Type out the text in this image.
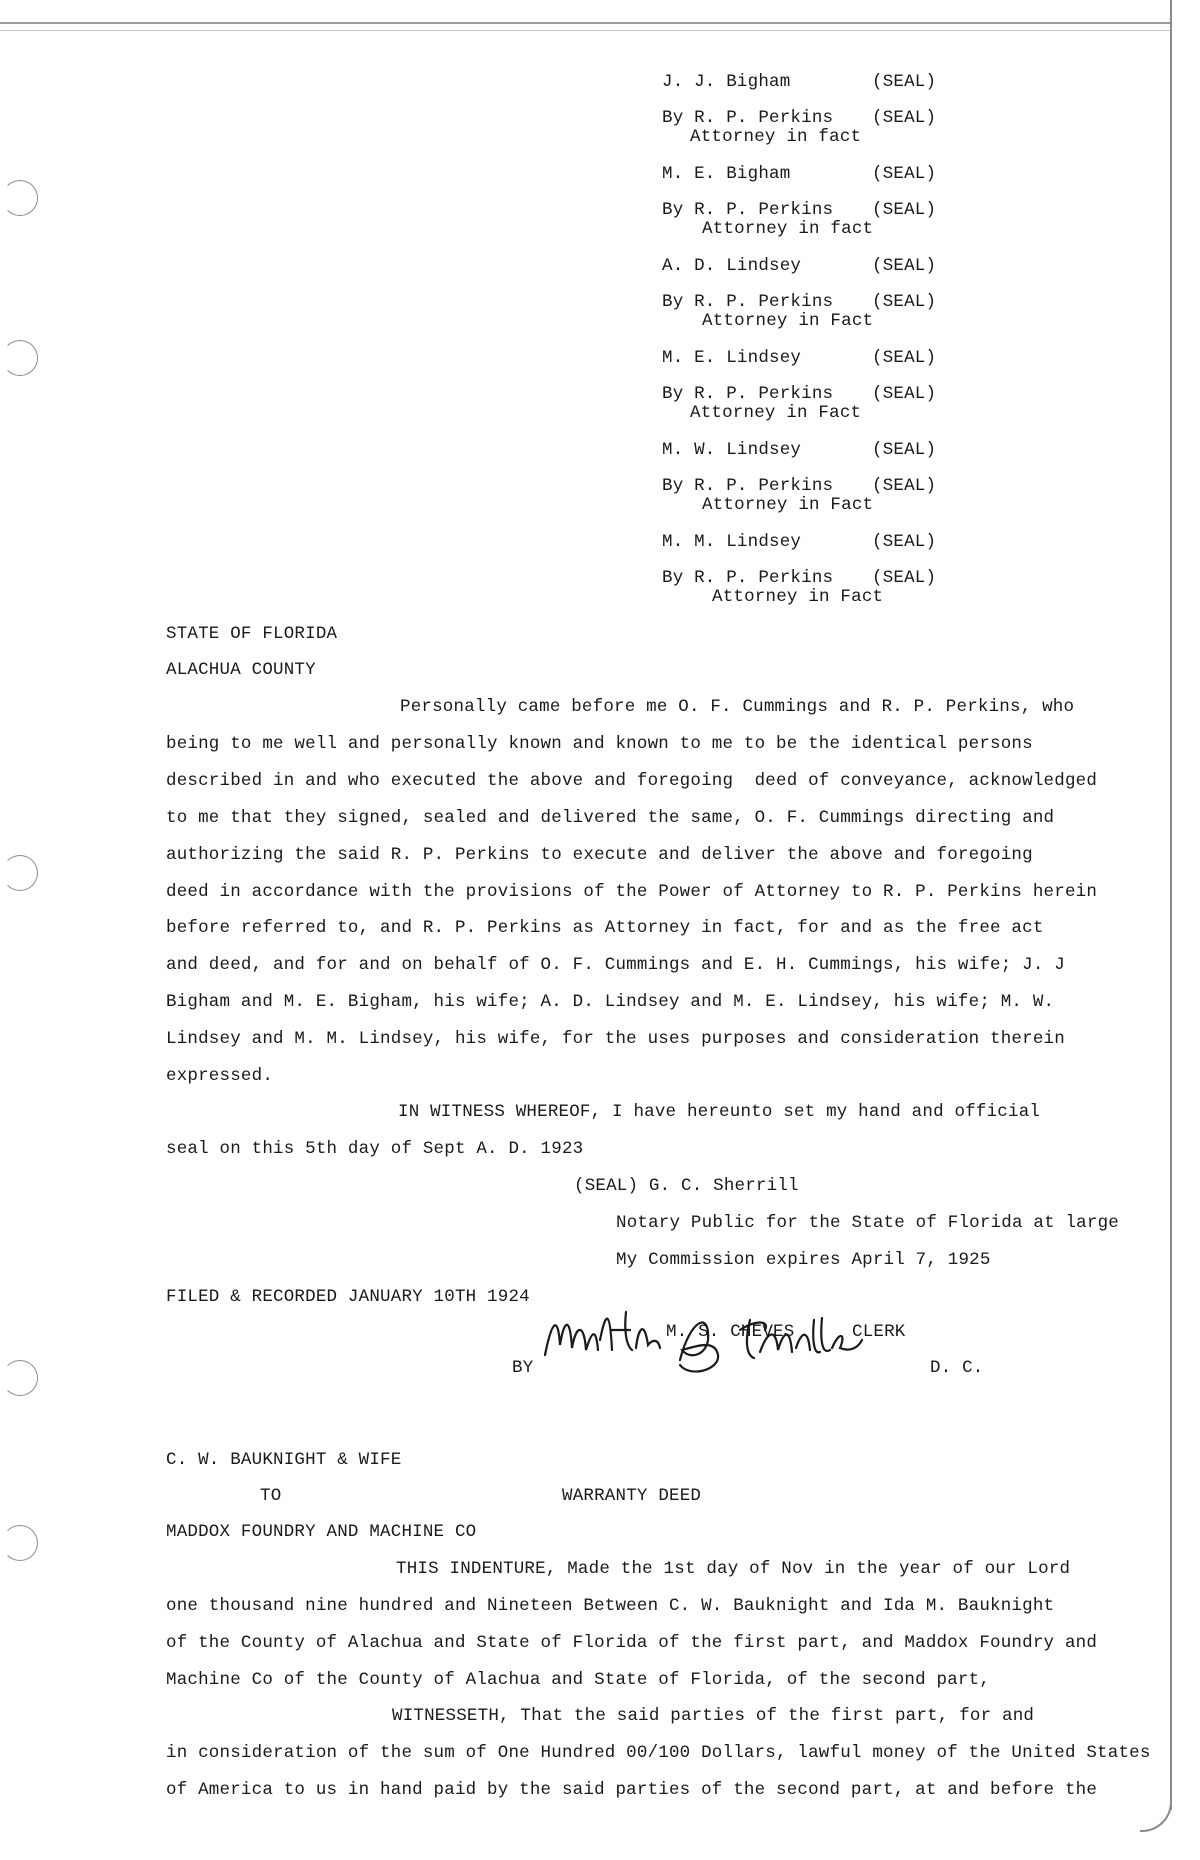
J. J. Bigham	(SEAL)
By R. P. Perkins (SEAL)
Attorney in fact
M. E. Bigham	(SEAL)
By R. P. Perkins (SEAL)
Attorney in fact
A. D. Lindsey	(SEAL)
By R. P. Perkins (SEAL)
Attorney in Fact
M. E. Lindsey	(SEAL)
By R. P. Perkins (SEAL)
Attorney in Fact
M. W. Lindsey	(SEAL)
By R. P. Perkins (SEAL)
Attorney in Fact
M. M. Lindsey	(SEAL)
By R. P. Perkins (SEAL)
Attorney in Fact
STATE OF FLORIDA
ALACHUA COUNTY
Personally came before me O. F. Cummings and R. P. Perkins, who
being to me well and personally known and known to me to be the identical persons
described in and who executed the above and foregoing  deed of conveyance, acknowledged
to me that they signed, sealed and delivered the same, O. F. Cummings directing and
authorizing the said R. P. Perkins to execute and deliver the above and foregoing
deed in accordance with the provisions of the Power of Attorney to R. P. Perkins herein
before referred to, and R. P. Perkins as Attorney in fact, for and as the free act
and deed, and for and on behalf of O. F. Cummings and E. H. Cummings, his wife; J. J
Bigham and M. E. Bigham, his wife; A. D. Lindsey and M. E. Lindsey, his wife; M. W.
Lindsey and M. M. Lindsey, his wife, for the uses purposes and consideration therein
expressed.
IN WITNESS WHEREOF, I have hereunto set my hand and official
seal on this 5th day of Sept A. D. 1923
(SEAL) G. C. Sherrill
Notary Public for the State of Florida at large
My Commission expires April 7, 1925
FILED & RECORDED JANUARY 10TH 1924
M. S. CHEVES	CLERK
BY	D. C.
C. W. BAUKNIGHT & WIFE
TO	WARRANTY DEED
MADDOX FOUNDRY AND MACHINE CO
THIS INDENTURE, Made the 1st day of Nov in the year of our Lord
one thousand nine hundred and Nineteen Between C. W. Bauknight and Ida M. Bauknight
of the County of Alachua and State of Florida of the first part, and Maddox Foundry and
Machine Co of the County of Alachua and State of Florida, of the second part,
WITNESSETH, That the said parties of the first part, for and
in consideration of the sum of One Hundred 00/100 Dollars, lawful money of the United States
of America to us in hand paid by the said parties of the second part, at and before the
